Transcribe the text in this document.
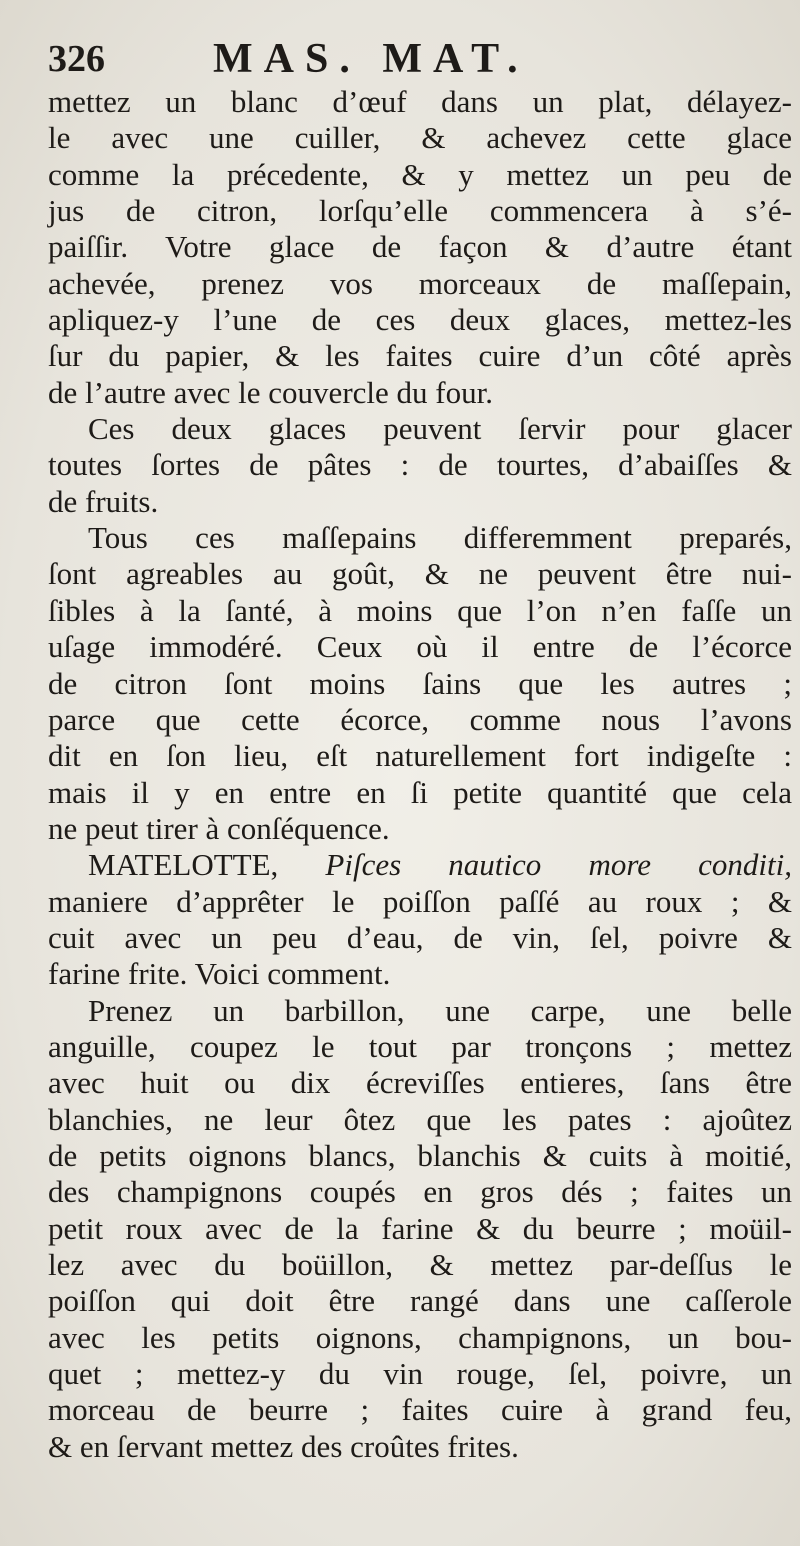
326	MAS. MAT.
mettez un blanc d’œuf dans un plat, délayez-
le avec une cuiller, & achevez cette glace
comme la précedente, & y mettez un peu de
jus de citron, lorſqu’elle commencera à s’é-
paiſſir. Votre glace de façon & d’autre étant
achevée, prenez vos morceaux de maſſepain,
apliquez-y l’une de ces deux glaces, mettez-les
ſur du papier, & les faites cuire d’un côté après
de l’autre avec le couvercle du four.
Ces deux glaces peuvent ſervir pour glacer
toutes ſortes de pâtes : de tourtes, d’abaiſſes &
de fruits.
Tous ces maſſepains differemment preparés,
ſont agreables au goût, & ne peuvent être nui-
ſibles à la ſanté, à moins que l’on n’en faſſe un
uſage immodéré. Ceux où il entre de l’écorce
de citron ſont moins ſains que les autres ;
parce que cette écorce, comme nous l’avons
dit en ſon lieu, eſt naturellement fort indigeſte :
mais il y en entre en ſi petite quantité que cela
ne peut tirer à conſéquence.
MATELOTTE, Piſces nautico more conditi,
maniere d’apprêter le poiſſon paſſé au roux ; &
cuit avec un peu d’eau, de vin, ſel, poivre &
farine frite. Voici comment.
Prenez un barbillon, une carpe, une belle
anguille, coupez le tout par tronçons ; mettez
avec huit ou dix écreviſſes entieres, ſans être
blanchies, ne leur ôtez que les pates : ajoûtez
de petits oignons blancs, blanchis & cuits à moitié,
des champignons coupés en gros dés ; faites un
petit roux avec de la farine & du beurre ; moüil-
lez avec du boüillon, & mettez par-deſſus le
poiſſon qui doit être rangé dans une caſſerole
avec les petits oignons, champignons, un bou-
quet ; mettez-y du vin rouge, ſel, poivre, un
morceau de beurre ; faites cuire à grand feu,
& en ſervant mettez des croûtes frites.
